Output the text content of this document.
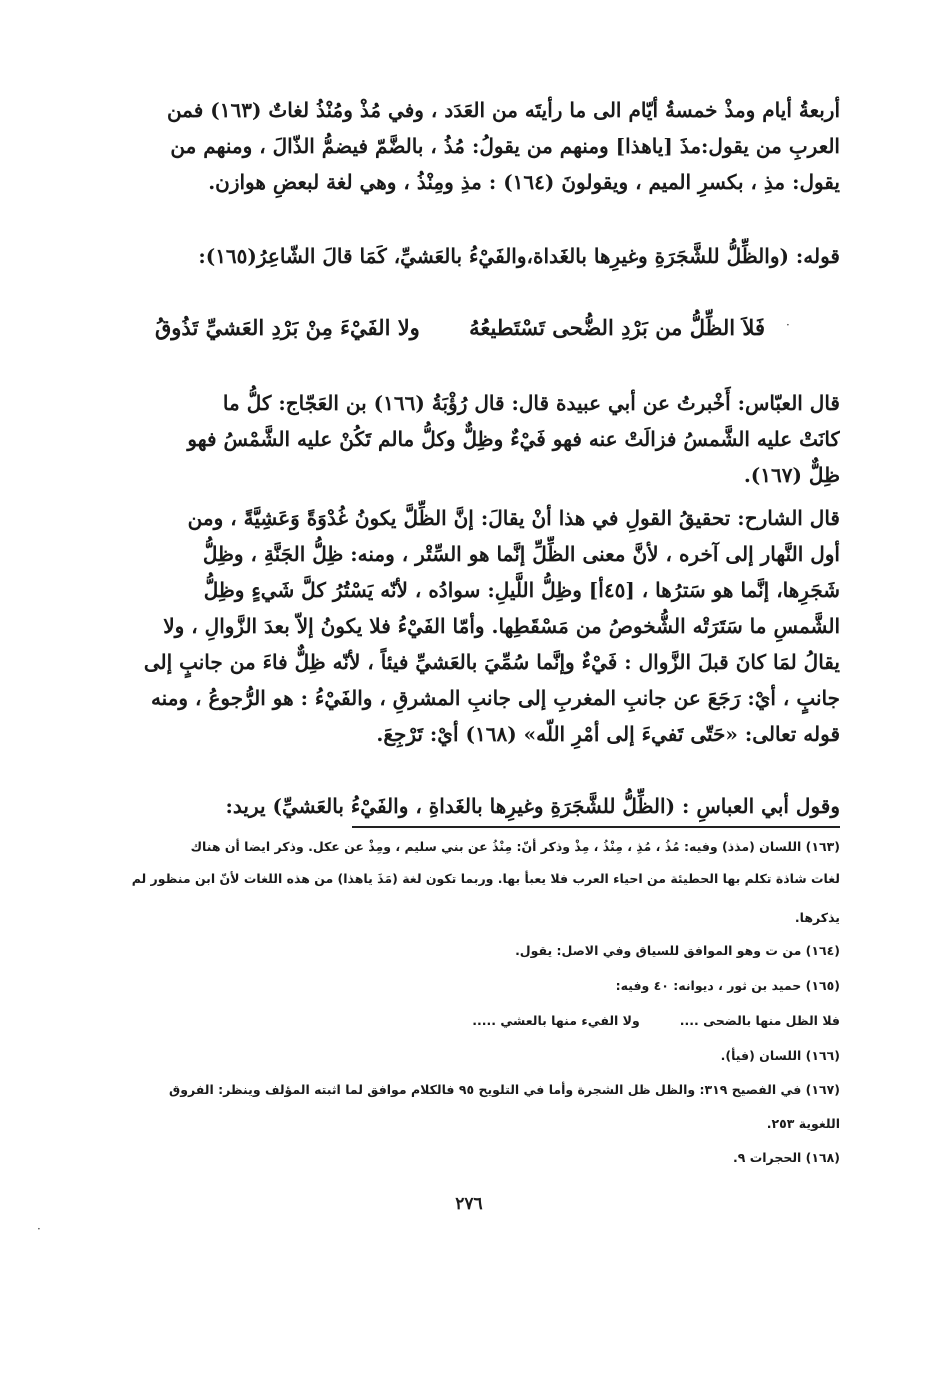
أربعةُ أيام ومذْ خمسةُ أيّام الى ما رأيتَه من العَدَد ، وفي مُذْ ومُنْذُ لغاتٌ (١٦٣) فمن
العربِ من يقول:مذَ [ياهذا] ومنهم من يقولُ: مُذُ ، بالضَّمّ فيضمُّ الذّالَ ، ومنهم من
يقول: مذِ ، بكسرِ الميم ، ويقولونَ (١٦٤) : مذِ ومِنْذُ ، وهي لغة لبعضِ هوازن.
قوله: (والظِّلُّ للشَّجَرَةِ وغيرِها بالغَداة،والفَيْءُ بالعَشيِّ، كَمَا قالَ الشّاعِرُ(١٦٥):
فَلاَ الظِّلُّ من بَرْدِ الضُّحى تَسْتَطيعُهُ
ولا الفَيْءَ مِنْ بَرْدِ العَشيِّ تَذُوقُ
قال العبّاس: أَخْبرتُ عن أبي عبيدة قال: قال رُؤْبَةُ (١٦٦) بن العَجّاج: كلُّ ما
كانَتْ عليه الشَّمسُ فزالَتْ عنه فهو فَيْءٌ وظِلٌّ وكلُّ مالم تَكُنْ عليه الشَّمْسُ فهو
ظِلٌّ (١٦٧).
قال الشارح: تحقيقُ القولِ في هذا أنْ يقالَ: إنَّ الظِّلَّ يكونُ غُدْوَةً وَعَشِيَّةً ، ومن
أول النَّهار إلى آخره ، لأنَّ معنى الظِّلِّ إنَّما هو السِّتْر ، ومنه: ظِلُّ الجَنَّةِ ، وظِلُّ
شَجَرِها، إنَّما هو سَترُها ، [٤٥أ] وظِلُّ اللَّيلِ: سوادُه ، لأنّه يَسْتُرُ كلَّ شَيءٍ وظِلُّ
الشَّمسِ ما سَتَرَتْه الشُّخوصُ من مَسْقَطِها. وأمّا الفَيْءُ فلا يكونُ إلاّ بعدَ الزَّوالِ ، ولا
يقالُ لمَا كانَ قبلَ الزَّوال : فَيْءٌ وإنَّما سُمِّيَ بالعَشيِّ فيئاً ، لأنّه ظِلٌّ فاءَ من جانبٍ إلى
جانبٍ ، أيْ: رَجَعَ عن جانبِ المغربِ إلى جانبِ المشرقِ ، والفَيْءُ : هو الرُّجوعُ ، ومنه
قوله تعالى: «حَتّى تَفيءَ إلى أمْرِ اللّه» (١٦٨) أيْ: تَرْجِعَ.
وقول أبي العباسِ : (الظِّلُّ للشَّجَرَةِ وغيرِها بالغَداةِ ، والفَيْءُ بالعَشيِّ) يريد:
(١٦٣) اللسان (مذذ) وفيه: مُذُ ، مُذِ ، مِنْذُ ، مِذْ وذكر أنّ: مِنْذُ عن بني سليم ، ومِذْ عن عكل. وذكر ايضا أن هناك
لغات شاذة تكلم بها الحطيئة من احياء العرب فلا يعبأ بها. وربما تكون لغة (مَذَ ياهذا) من هذه اللغات لأنّ ابن منظور لم
يذكرها.
(١٦٤) من ت وهو الموافق للسياق وفي الاصل: يقول.
(١٦٥) حميد بن ثور ، ديوانه: ٤٠ وفيه:
فلا الظل منها بالضحى ....
ولا الفيء منها بالعشي .....
(١٦٦) اللسان (فيأ).
(١٦٧) في الفصيح ٣١٩: والظل ظل الشجرة وأما في التلويح ٩٥ فالكلام موافق لما اثبته المؤلف وينظر: الفروق
اللغوية ٢٥٣.
(١٦٨) الحجرات ٩.
٢٧٦
·
·
